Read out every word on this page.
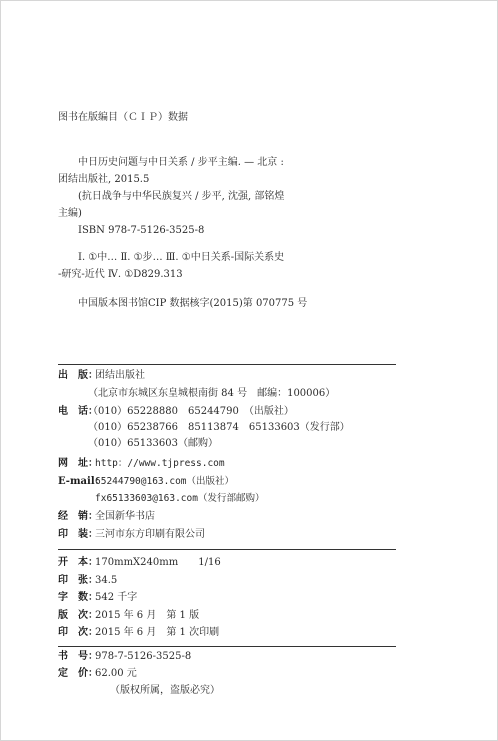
图书在版编目（ＣＩＰ）数据
中日历史问题与中日关系 / 步平主编. — 北京 :
团结出版社, 2015.5
(抗日战争与中华民族复兴 / 步平, 沈强, 部铭煌
主编)
ISBN 978-7-5126-3525-8
Ⅰ. ①中… Ⅱ. ①步… Ⅲ. ①中日关系-国际关系史
-研究-近代 Ⅳ. ①D829.313
中国版本图书馆CIP 数据核字(2015)第 070775 号
出　版：
团结出版社
（北京市东城区东皇城根南街 84 号　邮编：100006）
电　话：
（010）65228880　65244790　（出版社）
（010）65238766　85113874　65133603（发行部）
（010）65133603（邮购）
网　址：
http：//www.tjpress.com
E-mail：
65244790@163.com（出版社）
fx65133603@163.com（发行部邮购）
经　销：
全国新华书店
印　装：
三河市东方印刷有限公司
开　本：
170mmX240mm　　1/16
印　张：
34.5
字　数：
542 千字
版　次：
2015 年 6 月　第 1 版
印　次：
2015 年 6 月　第 1 次印刷
书　号：
978-7-5126-3525-8
定　价：
62.00 元
（版权所属，盗版必究）
